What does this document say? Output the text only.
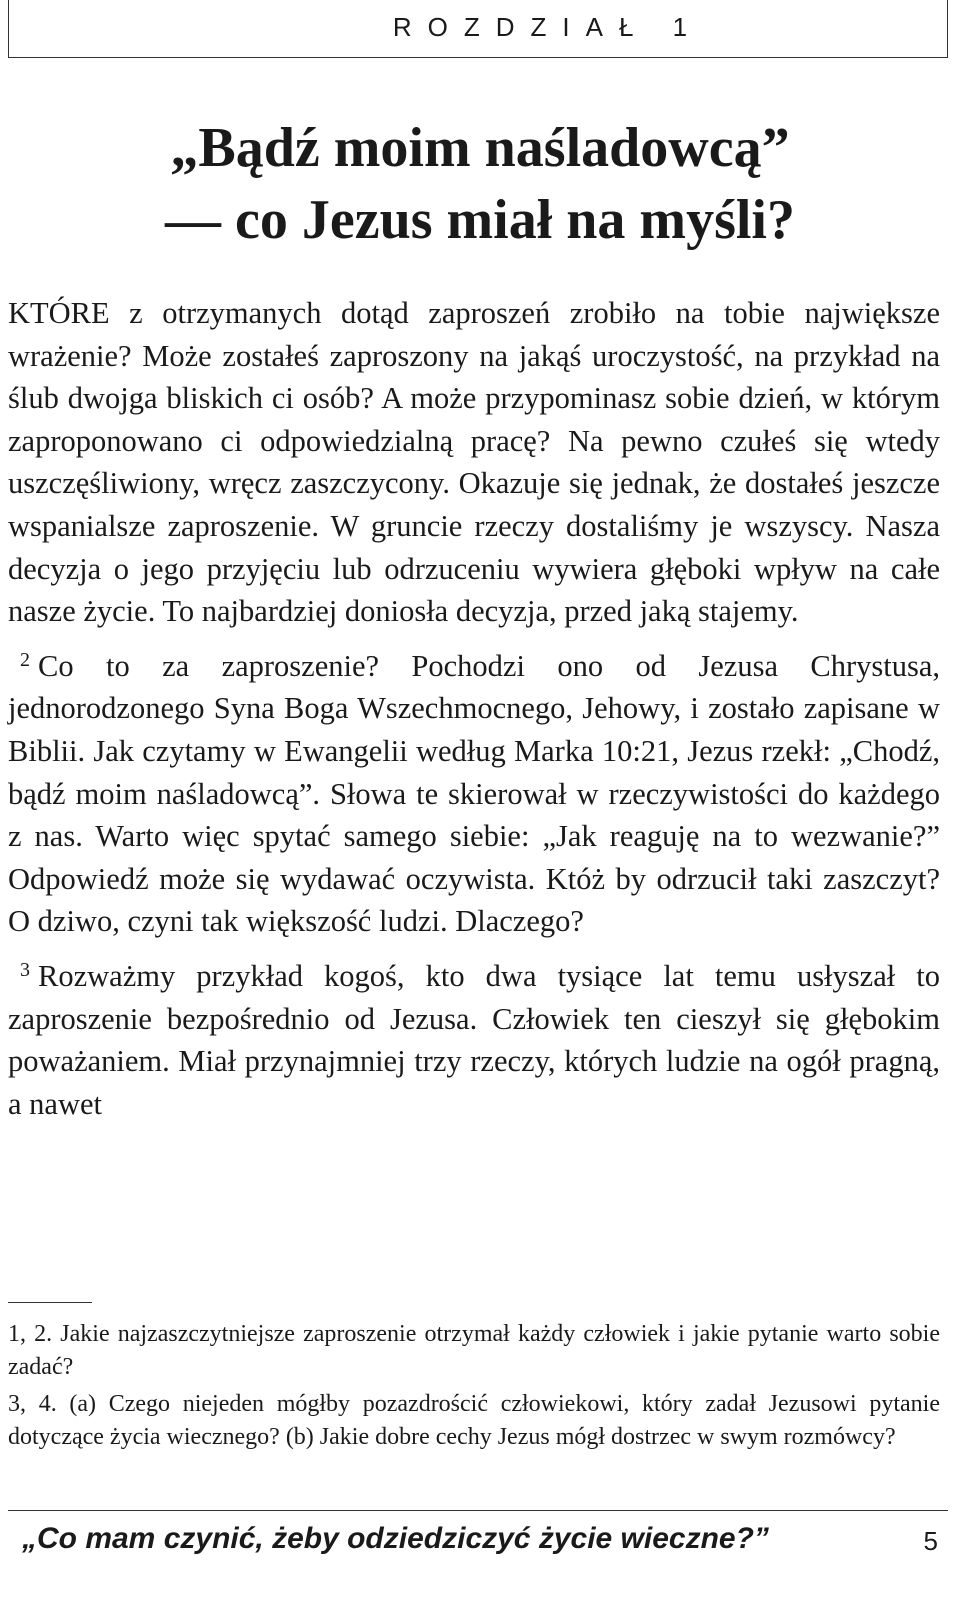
ROZDZIAŁ 1
„Bądź moim naśladowcą”
— co Jezus miał na myśli?

KTÓRE z otrzymanych dotąd zaproszeń zrobiło na tobie największe wrażenie? Może zostałeś zaproszony na jakąś uroczystość, na przykład na ślub dwojga bliskich ci osób? A może przypominasz sobie dzień, w którym zaproponowano ci odpowiedzialną pracę? Na pewno czułeś się wtedy uszczęśliwiony, wręcz zaszczycony. Okazuje się jednak, że dostałeś jeszcze wspanialsze zaproszenie. W gruncie rzeczy dostaliśmy je wszyscy. Nasza decyzja o jego przyjęciu lub odrzuceniu wywiera głęboki wpływ na całe nasze życie. To najbardziej doniosła decyzja, przed jaką stajemy.

$^2$ Co to za zaproszenie? Pochodzi ono od Jezusa Chrystusa, jednorodzonego Syna Boga Wszechmocnego, Jehowy, i zostało zapisane w Biblii. Jak czytamy w Ewangelii według Marka 10:21, Jezus rzekł: „Chodź, bądź moim naśladowcą”. Słowa te skierował w rzeczywistości do każdego z nas. Warto więc spytać samego siebie: „Jak reaguję na to wezwanie?” Odpowiedź może się wydawać oczywista. Któż by odrzucił taki zaszczyt? O dziwo, czyni tak większość ludzi. Dlaczego?

$^3$ Rozważmy przykład kogoś, kto dwa tysiące lat temu usłyszał to zaproszenie bezpośrednio od Jezusa. Człowiek ten cieszył się głębokim poważaniem. Miał przynajmniej trzy rzeczy, których ludzie na ogół pragną, a nawet

1, 2. Jakie najzaszczytniejsze zaproszenie otrzymał każdy człowiek i jakie pytanie warto sobie zadać?

3, 4. (a) Czego niejeden mógłby pozazdrościć człowiekowi, który zadał Jezusowi pytanie dotyczące życia wiecznego? (b) Jakie dobre cechy Jezus mógł dostrzec w swym rozmówcy?

„Co mam czynić, żeby odziedziczyć życie wieczne?”	5
